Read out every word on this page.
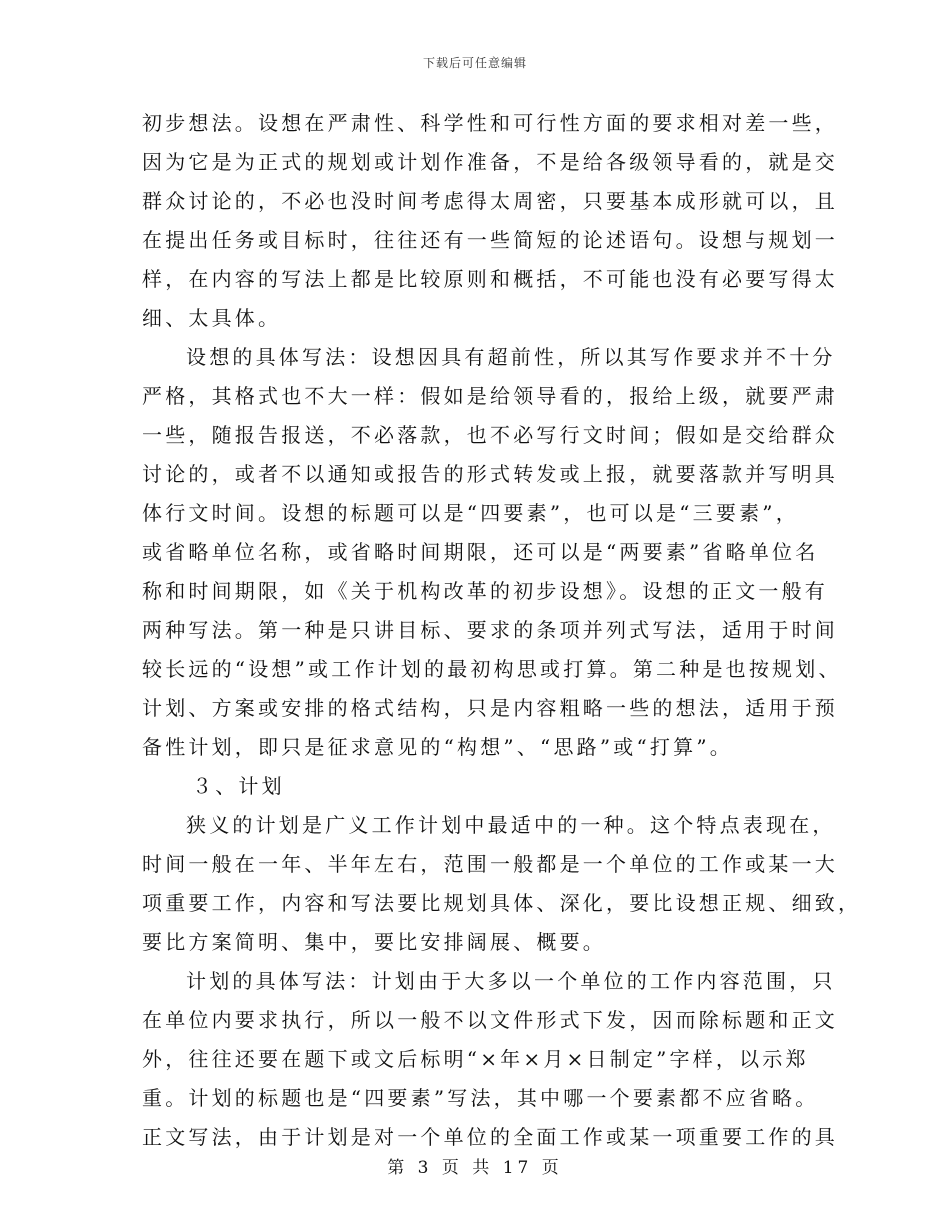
下载后可任意编辑
初步想法。设想在严肃性、科学性和可行性方面的要求相对差一些，
因为它是为正式的规划或计划作准备，不是给各级领导看的，就是交
群众讨论的，不必也没时间考虑得太周密，只要基本成形就可以，且
在提出任务或目标时，往往还有一些简短的论述语句。设想与规划一
样，在内容的写法上都是比较原则和概括，不可能也没有必要写得太
细、太具体。
设想的具体写法：设想因具有超前性，所以其写作要求并不十分
严格，其格式也不大一样：假如是给领导看的，报给上级，就要严肃
一些，随报告报送，不必落款，也不必写行文时间；假如是交给群众
讨论的，或者不以通知或报告的形式转发或上报，就要落款并写明具
体行文时间。设想的标题可以是“四要素”，也可以是“三要素”，
或省略单位名称，或省略时间期限，还可以是“两要素”省略单位名
称和时间期限，如《关于机构改革的初步设想》。设想的正文一般有
两种写法。第一种是只讲目标、要求的条项并列式写法，适用于时间
较长远的“设想”或工作计划的最初构思或打算。第二种是也按规划、
计划、方案或安排的格式结构，只是内容粗略一些的想法，适用于预
备性计划，即只是征求意见的“构想”、“思路”或“打算”。
３、计划
狭义的计划是广义工作计划中最适中的一种。这个特点表现在，
时间一般在一年、半年左右，范围一般都是一个单位的工作或某一大
项重要工作，内容和写法要比规划具体、深化，要比设想正规、细致，
要比方案简明、集中，要比安排阔展、概要。
计划的具体写法：计划由于大多以一个单位的工作内容范围，只
在单位内要求执行，所以一般不以文件形式下发，因而除标题和正文
外，往往还要在题下或文后标明“×年×月×日制定”字样，以示郑
重。计划的标题也是“四要素”写法，其中哪一个要素都不应省略。
正文写法，由于计划是对一个单位的全面工作或某一项重要工作的具
第 3 页 共 17 页
